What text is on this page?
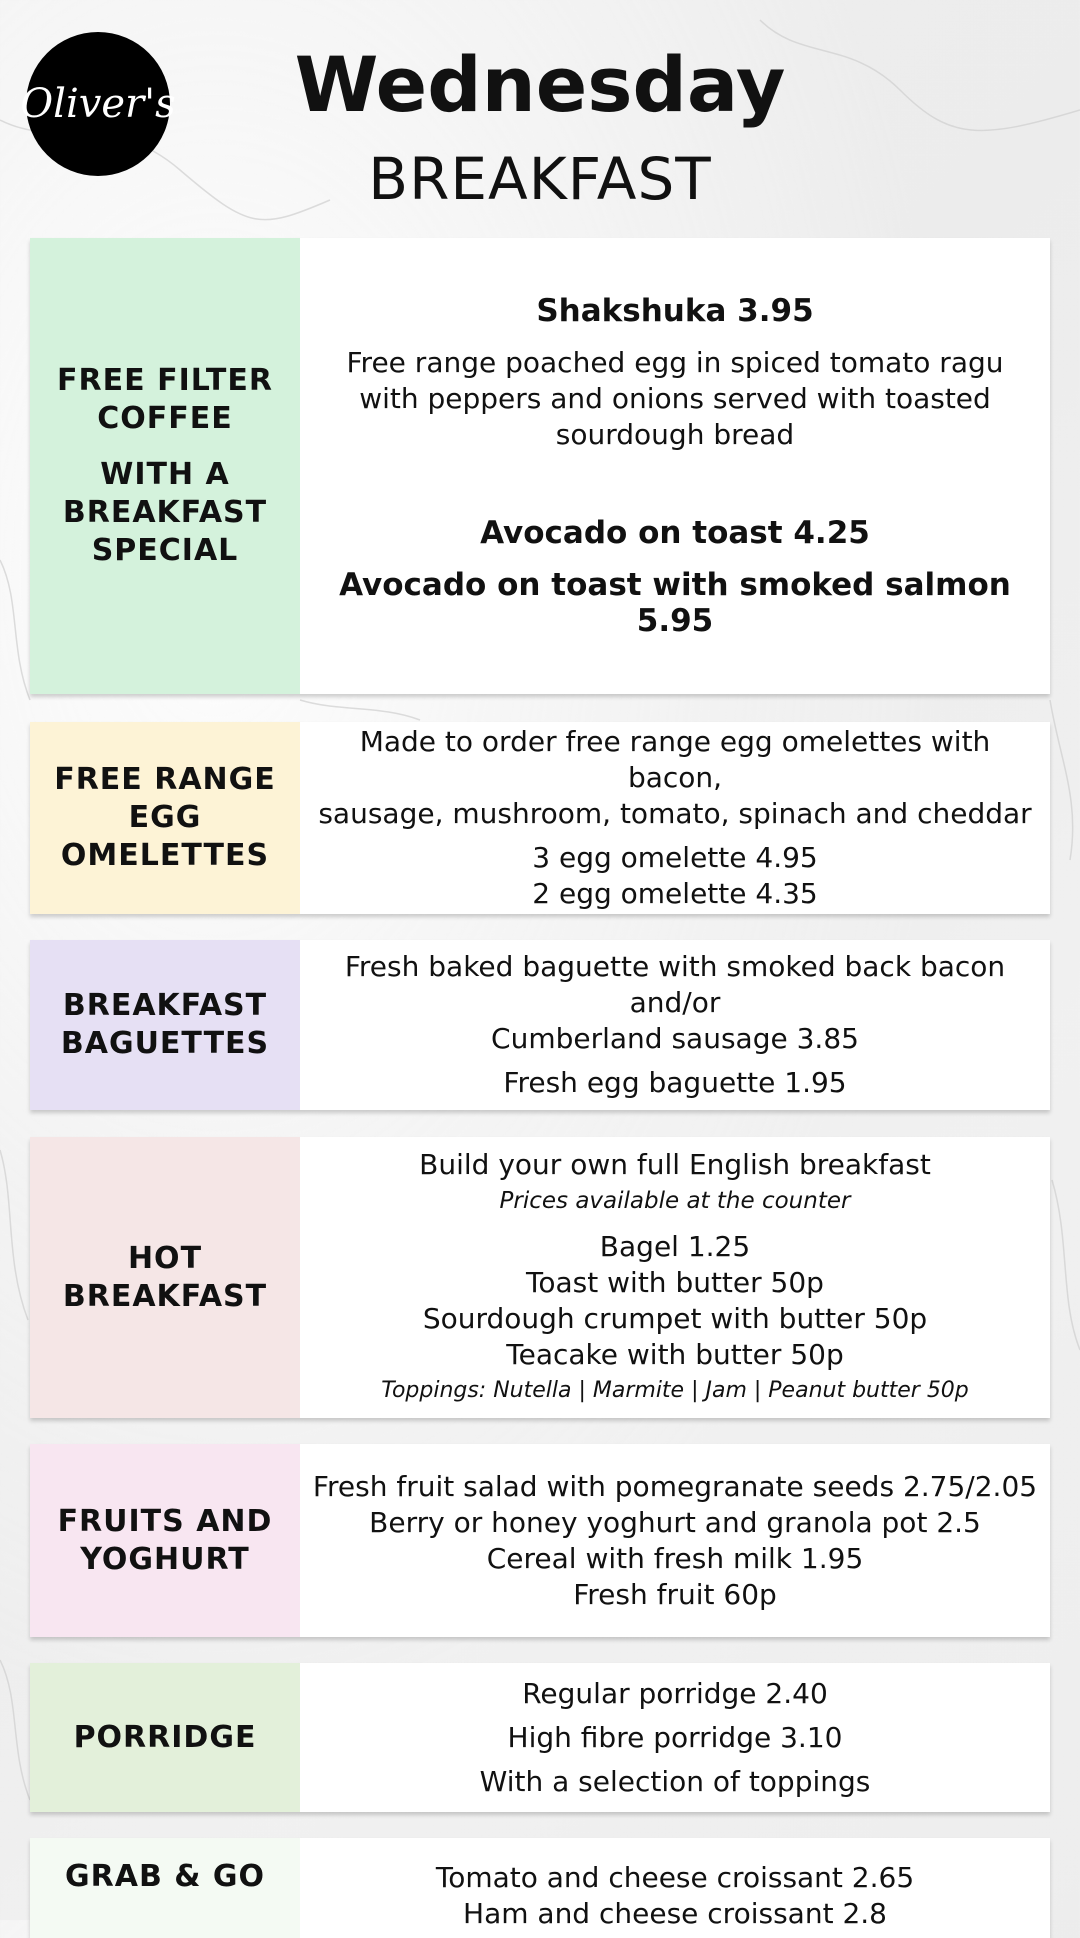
Oliver's	Wednesday
BREAKFAST
FREE FILTER
COFFEE
WITH A
BREAKFAST
SPECIAL
Shakshuka 3.95
Free range poached egg in spiced tomato ragu
with peppers and onions served with toasted
sourdough bread
Avocado on toast 4.25
Avocado on toast with smoked salmon 5.95
FREE RANGE
EGG
OMELETTES
Made to order free range egg omelettes with bacon,
sausage, mushroom, tomato, spinach and cheddar
3 egg omelette 4.95
2 egg omelette 4.35
BREAKFAST
BAGUETTES
Fresh baked baguette with smoked back bacon and/or
Cumberland sausage 3.85
Fresh egg baguette 1.95
HOT
BREAKFAST
Build your own full English breakfast
Prices available at the counter
Bagel 1.25
Toast with butter 50p
Sourdough crumpet with butter 50p
Teacake with butter 50p
Toppings: Nutella | Marmite | Jam | Peanut butter 50p
FRUITS AND
YOGHURT
Fresh fruit salad with pomegranate seeds 2.75/2.05
Berry or honey yoghurt and granola pot 2.5
Cereal with fresh milk 1.95
Fresh fruit 60p
PORRIDGE
Regular porridge 2.40
High fibre porridge 3.10
With a selection of toppings
GRAB & GO	Tomato and cheese croissant 2.65
Ham and cheese croissant 2.8
